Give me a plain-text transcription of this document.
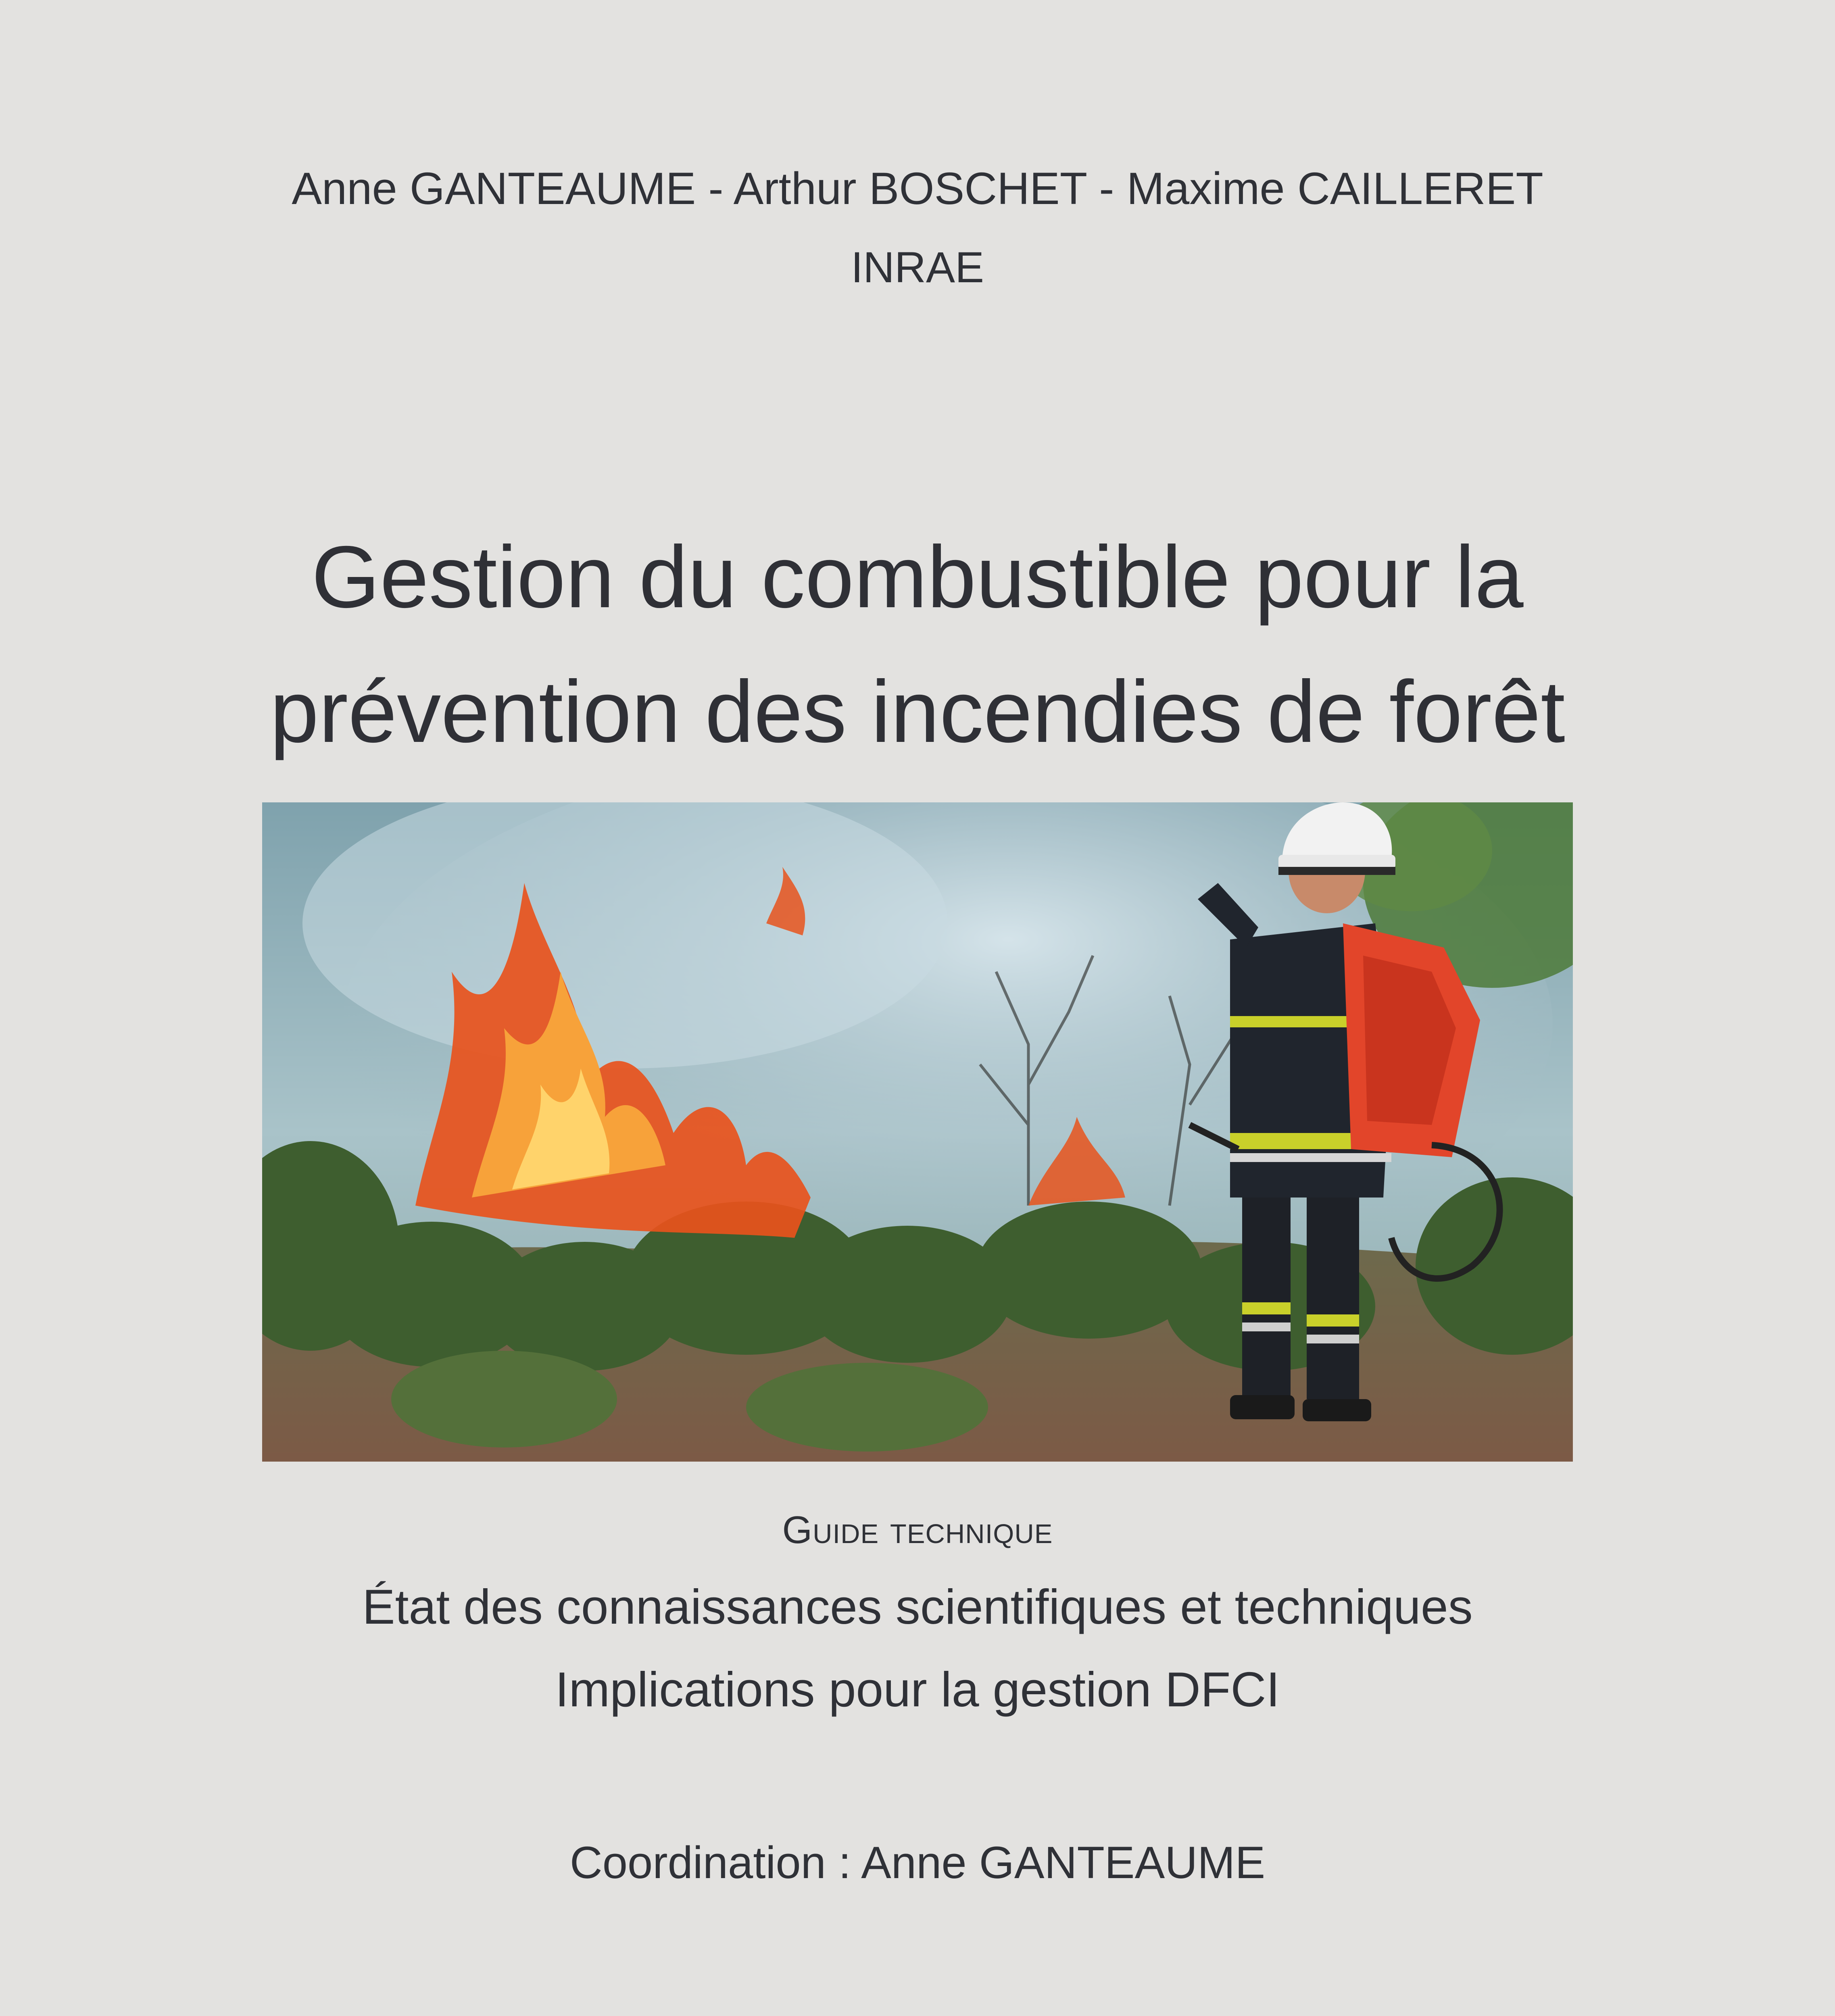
Anne GANTEAUME - Arthur BOSCHET - Maxime CAILLERET
INRAE
Gestion du combustible pour la
prévention des incendies de forêt
Guide technique
État des connaissances scientifiques et techniques
Implications pour la gestion DFCI
Coordination : Anne GANTEAUME
